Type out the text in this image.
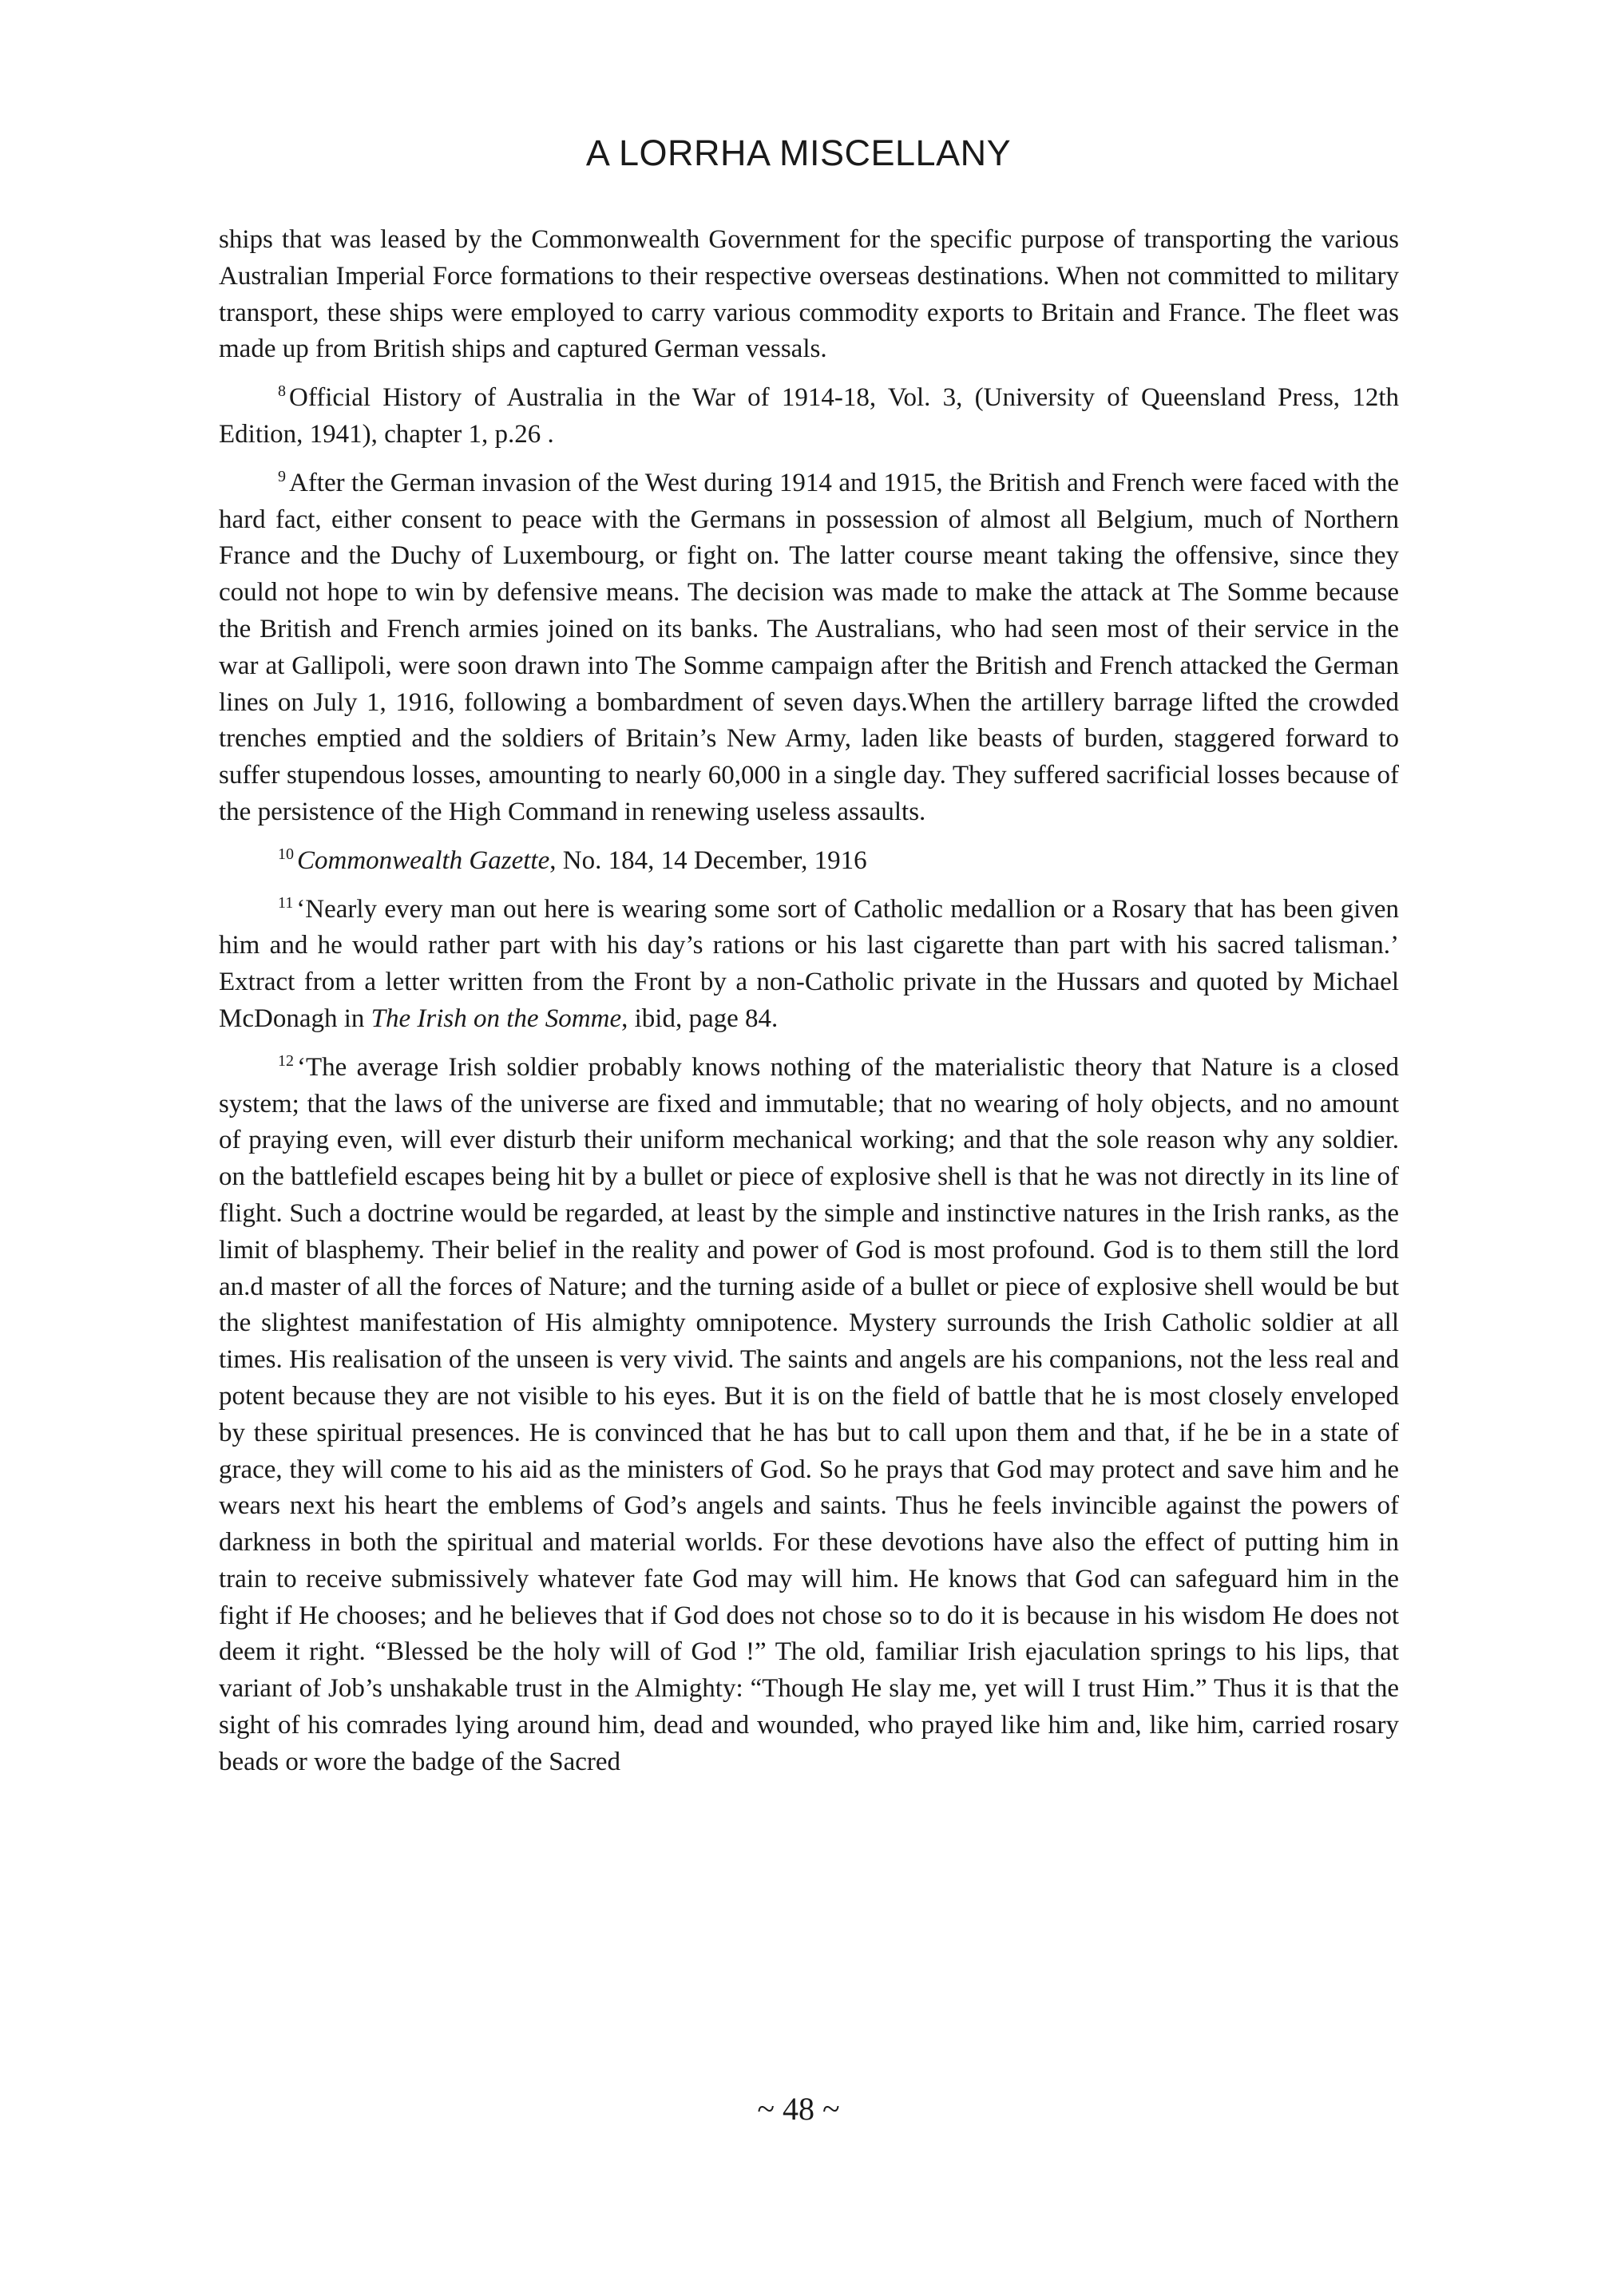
A LORRHA MISCELLANY

ships that was leased by the Commonwealth Government for the specific purpose of transporting the various Australian Imperial Force formations to their respective overseas destinations. When not committed to military transport, these ships were employed to carry various commodity exports to Britain and France. The fleet was made up from British ships and captured German vessals.

$^8$ Official History of Australia in the War of 1914-18, Vol. 3, (University of Queensland Press, 12th Edition, 1941), chapter 1, p.26 .

$^9$ After the German invasion of the West during 1914 and 1915, the British and French were faced with the hard fact, either consent to peace with the Germans in possession of almost all Belgium, much of Northern France and the Duchy of Luxembourg, or fight on. The latter course meant taking the offensive, since they could not hope to win by defensive means. The decision was made to make the attack at The Somme because the British and French armies joined on its banks. The Australians, who had seen most of their service in the war at Gallipoli, were soon drawn into The Somme campaign after the British and French attacked the German lines on July 1, 1916, following a bombardment of seven days.When the artillery barrage lifted the crowded trenches emptied and the soldiers of Britain’s New Army, laden like beasts of burden, staggered forward to suffer stupendous losses, amounting to nearly 60,000 in a single day. They suffered sacrificial losses because of the persistence of the High Command in renewing useless assaults.

$^{10}$ Commonwealth Gazette, No. 184, 14 December, 1916

$^{11}$ ‘Nearly every man out here is wearing some sort of Catholic medallion or a Rosary that has been given him and he would rather part with his day’s rations or his last cigarette than part with his sacred talisman.’ Extract from a letter written from the Front by a non-Catholic private in the Hussars and quoted by Michael McDonagh in The Irish on the Somme, ibid, page 84.

$^{12}$ ‘The average Irish soldier probably knows nothing of the materialistic theory that Nature is a closed system; that the laws of the universe are fixed and immutable; that no wearing of holy objects, and no amount of praying even, will ever disturb their uniform mechanical working; and that the sole reason why any soldier. on the battlefield escapes being hit by a bullet or piece of explosive shell is that he was not directly in its line of flight. Such a doctrine would be regarded, at least by the simple and instinctive natures in the Irish ranks, as the limit of blasphemy. Their belief in the reality and power of God is most profound. God is to them still the lord an.d master of all the forces of Nature; and the turning aside of a bullet or piece of explosive shell would be but the slightest manifestation of His almighty omnipotence. Mystery surrounds the Irish Catholic soldier at all times. His realisation of the unseen is very vivid. The saints and angels are his companions, not the less real and potent because they are not visible to his eyes. But it is on the field of battle that he is most closely enveloped by these spiritual presences. He is convinced that he has but to call upon them and that, if he be in a state of grace, they will come to his aid as the ministers of God. So he prays that God may protect and save him and he wears next his heart the emblems of God’s angels and saints. Thus he feels invincible against the powers of darkness in both the spiritual and material worlds. For these devotions have also the effect of putting him in train to receive submissively whatever fate God may will him. He knows that God can safeguard him in the fight if He chooses; and he believes that if God does not chose so to do it is because in his wisdom He does not deem it right. “Blessed be the holy will of God !” The old, familiar Irish ejaculation springs to his lips, that variant of Job’s unshakable trust in the Almighty: “Though He slay me, yet will I trust Him.” Thus it is that the sight of his comrades lying around him, dead and wounded, who prayed like him and, like him, carried rosary beads or wore the badge of the Sacred

~ 48 ~
